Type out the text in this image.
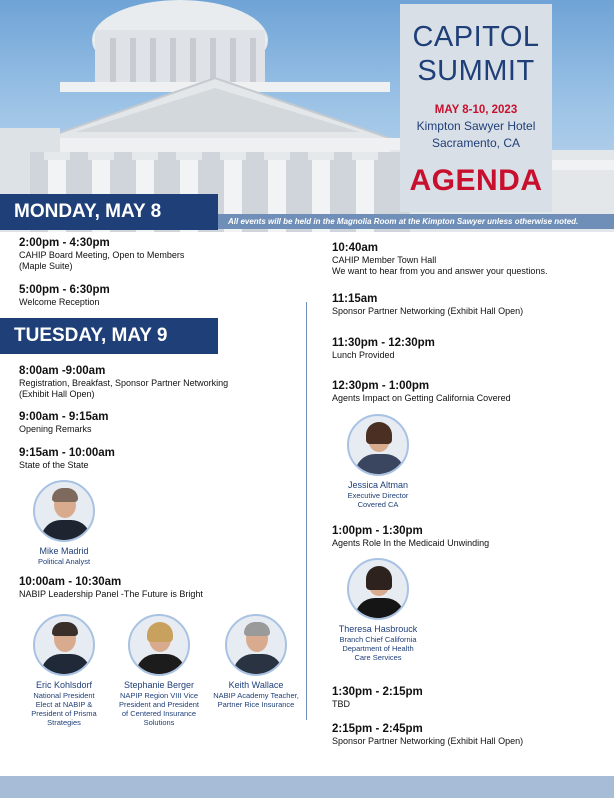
CAPITOL
SUMMIT
MAY 8-10, 2023
Kimpton Sawyer Hotel
Sacramento, CA
AGENDA
MONDAY, MAY 8	All events will be held in the Magnolia Room at the Kimpton Sawyer unless otherwise noted.
2:00pm - 4:30pm
CAHIP Board Meeting, Open to Members
(Maple Suite)
5:00pm - 6:30pm
Welcome Reception
TUESDAY, MAY 9
8:00am -9:00am
Registration, Breakfast, Sponsor Partner Networking
(Exhibit Hall Open)
9:00am - 9:15am
Opening Remarks
9:15am - 10:00am
State of the State
Mike Madrid
Political Analyst
10:00am - 10:30am
NABIP Leadership Panel -The Future is Bright
Eric Kohlsdorf
National President
Elect at NABIP &
President of Prisma
Strategies
Stephanie Berger
NAPIP Region VIII Vice
President and President
of Centered Insurance
Solutions
Keith Wallace
NABIP Academy Teacher,
Partner Rice Insurance
10:40am
CAHIP Member Town Hall
We want to hear from you and answer your questions.
11:15am
Sponsor Partner Networking (Exhibit Hall Open)
11:30pm - 12:30pm
Lunch Provided
12:30pm - 1:00pm
Agents Impact on Getting California Covered
Jessica Altman
Executive Director
Covered CA
1:00pm - 1:30pm
Agents Role In the Medicaid Unwinding
Theresa Hasbrouck
Branch Chief California
Department of Health
Care Services
1:30pm - 2:15pm
TBD
2:15pm - 2:45pm
Sponsor Partner Networking (Exhibit Hall Open)
